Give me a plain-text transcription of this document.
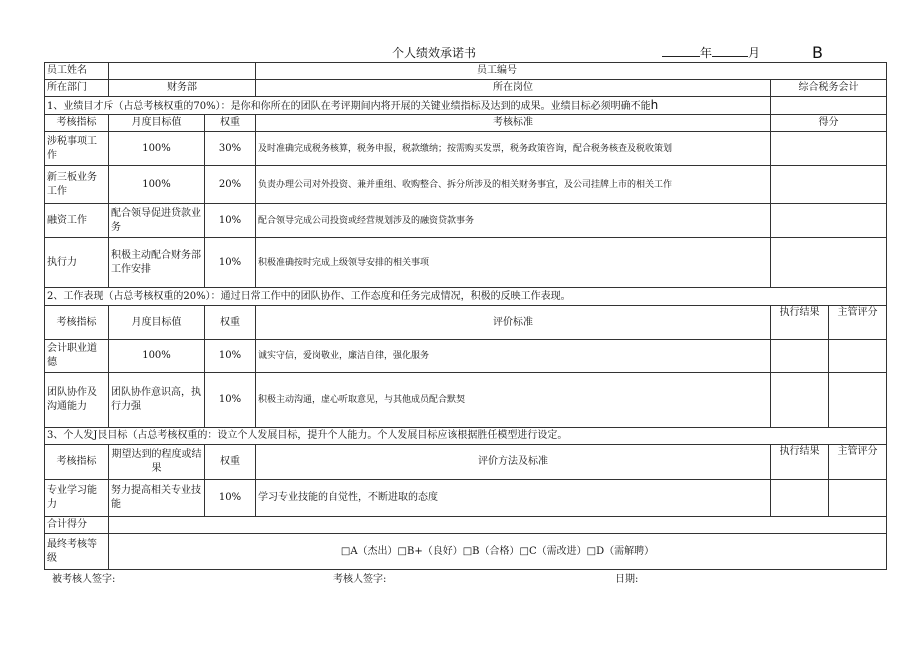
个人绩效承诺书	年	月	B
员工姓名			员工编号		
所在部门	财务部		所在岗位	综合税务会计	
1、业绩目才斥（占总考核权重的70%）：是你和你所在的团队在考评期间内将开展的关键业绩指标及达到的成果。业绩目标必须明确不能h					
考核指标	月度目标值	权重	考核标准	得分	
涉税事项工作	100%	30%	及时准确完成税务核算，税务申报，税款缴纳；按需购买发票，税务政策咨询，配合税务核查及税收策划		
新三板业务工作	100%	20%	负责办理公司对外投资、兼并重组、收购整合、拆分所涉及的相关财务事宜，及公司挂牌上市的相关工作		
融资工作	配合领导促进贷款业务	10%	配合领导完成公司投资或经营规划涉及的融资贷款事务		
执行力	积极主动配合财务部工作安排	10%	积极准确按时完成上级领导安排的相关事项		
2、工作表现（占总考核权重的20%）：通过日常工作中的团队协作、工作态度和任务完成情况，积极的反映工作表现。					
考核指标	月度目标值	权重	评价标准	执行结果	主管评分
会计职业道德	100%	10%	诚实守信，爱岗敬业，廉洁自律，强化服务		
团队协作及沟通能力	团队协作意识高，执行力强	10%	积极主动沟通，虚心听取意见，与其他成员配合默契		
3、个人发J艮目标（占总考核权重的：设立个人发展目标，提升个人能力。个人发展目标应该根据胜任模型进行设定。					
考核指标	期望达到的程度或结果	权重	评价方法及标准	执行结果	主管评分
专业学习能力	努力提高相关专业技能	10%	学习专业技能的自觉性，不断进取的态度		
合计得分					
最终考核等级	□A（杰出）□B+（良好）□B（合格）□C（需改进）□D（需解聘）				
被考核人签字:	考核人签字:	日期:
